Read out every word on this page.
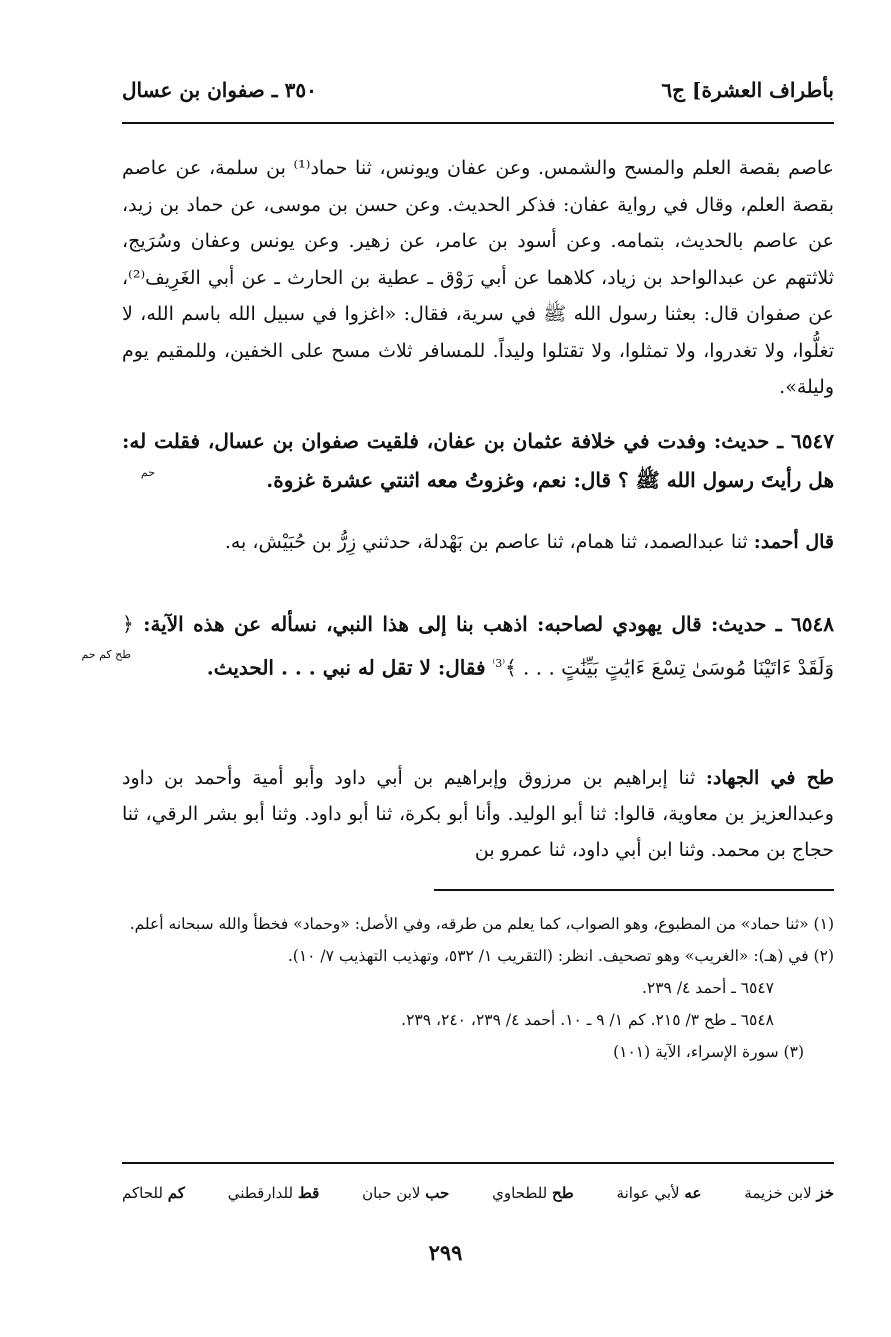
بأطراف العشرة] ج٦
٣٥٠ ـ صفوان بن عسال

عاصم بقصة العلم والمسح والشمس. وعن عفان ويونس، ثنا حماد⁽¹⁾ بن سلمة، عن عاصم بقصة العلم، وقال في رواية عفان: فذكر الحديث. وعن حسن بن موسى، عن حماد بن زيد، عن عاصم بالحديث، بتمامه. وعن أسود بن عامر، عن زهير. وعن يونس وعفان وسُرَيج، ثلاثتهم عن عبدالواحد بن زياد، كلاهما عن أبي رَوْق ـ عطية بن الحارث ـ عن أبي الغَرِيف⁽²⁾، عن صفوان قال: بعثنا رسول الله ﷺ في سرية، فقال: «اغزوا في سبيل الله باسم الله، لا تغلُّوا، ولا تغدروا، ولا تمثلوا، ولا تقتلوا وليداً. للمسافر ثلاث مسح على الخفين، وللمقيم يوم وليلة».

٦٥٤٧ ـ حديث: وفدت في خلافة عثمان بن عفان، فلقيت صفوان بن عسال، فقلت له: هل رأيتَ رسول الله ﷺ ؟ قال: نعم، وغزوتُ معه اثنتي عشرة غزوة.
حم
قال أحمد: ثنا عبدالصمد، ثنا همام، ثنا عاصم بن بَهْدلة، حدثني زِرُّ بن حُبَيْش، به.
٦٥٤٨ ـ حديث: قال يهودي لصاحبه: اذهب بنا إلى هذا النبي، نسأله عن هذه الآية: ﴿ وَلَقَدْ ءَاتَيْنَا مُوسَىٰ تِسْعَ ءَايَٰتٍ بَيِّنَٰتٍ . . . ﴾$^{^(3^)}$ فقال: لا تقل له نبي . . . الحديث.
طح كم حم
طح في الجهاد: ثنا إبراهيم بن مرزوق وإبراهيم بن أبي داود وأبو أمية وأحمد بن داود وعبدالعزيز بن معاوية، قالوا: ثنا أبو الوليد. وأنا أبو بكرة، ثنا أبو داود. وثنا أبو بشر الرقي، ثنا حجاج بن محمد. وثنا ابن أبي داود، ثنا عمرو بن

(١) «ثنا حماد» من المطبوع، وهو الصواب، كما يعلم من طرقه، وفي الأصل: «وحماد» فخطأ والله سبحانه أعلم.

(٢) في (هـ): «الغريب» وهو تصحيف. انظر: (التقريب ١/ ٥٣٢، وتهذيب التهذيب ٧/ ١٠).

٦٥٤٧ ـ أحمد ٤/ ٢٣٩.

٦٥٤٨ ـ طح ٣/ ٢١٥. كم ١/ ٩ ـ ١٠. أحمد ٤/ ٢٣٩، ٢٤٠، ٢٣٩.

(٣) سورة الإسراء، الآية (١٠١)

خز لابن خزيمة
عه لأبي عوانة
طح للطحاوي
حب لابن حبان
قط للدارقطني
كم للحاكم
٢٩٩
